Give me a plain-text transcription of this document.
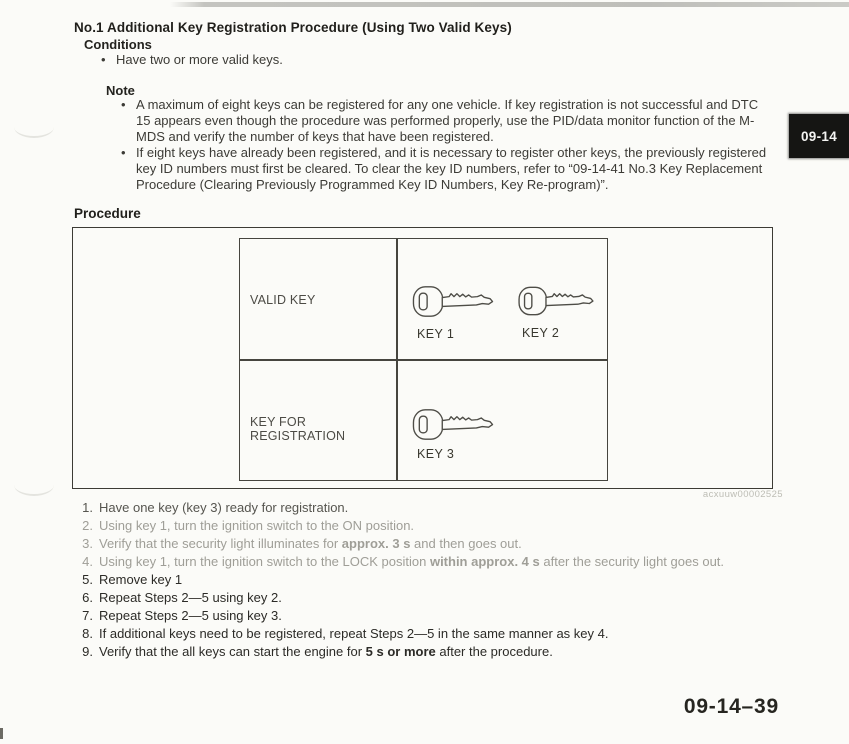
No.1 Additional Key Registration Procedure (Using Two Valid Keys)
Conditions
• Have two or more valid keys.
Note
• A maximum of eight keys can be registered for any one vehicle. If key registration is not successful and DTC 15 appears even though the procedure was performed properly, use the PID/data monitor function of the M-MDS and verify the number of keys that have been registered.
• If eight keys have already been registered, and it is necessary to register other keys, the previously registered key ID numbers must first be cleared. To clear the key ID numbers, refer to “09-14-41 No.3 Key Replacement Procedure (Clearing Previously Programmed Key ID Numbers, Key Re-program)”.
09-14
Procedure
VALID KEY
KEY FOR REGISTRATION
KEY 1	KEY 2
KEY 3
acxuuw00002525
1. Have one key (key 3) ready for registration.
2. Using key 1, turn the ignition switch to the ON position.
3. Verify that the security light illuminates for approx. 3 s and then goes out.
4. Using key 1, turn the ignition switch to the LOCK position within approx. 4 s after the security light goes out.
5. Remove key 1
6. Repeat Steps 2—5 using key 2.
7. Repeat Steps 2—5 using key 3.
8. If additional keys need to be registered, repeat Steps 2—5 in the same manner as key 4.
9. Verify that the all keys can start the engine for 5 s or more after the procedure.
09-14–39
